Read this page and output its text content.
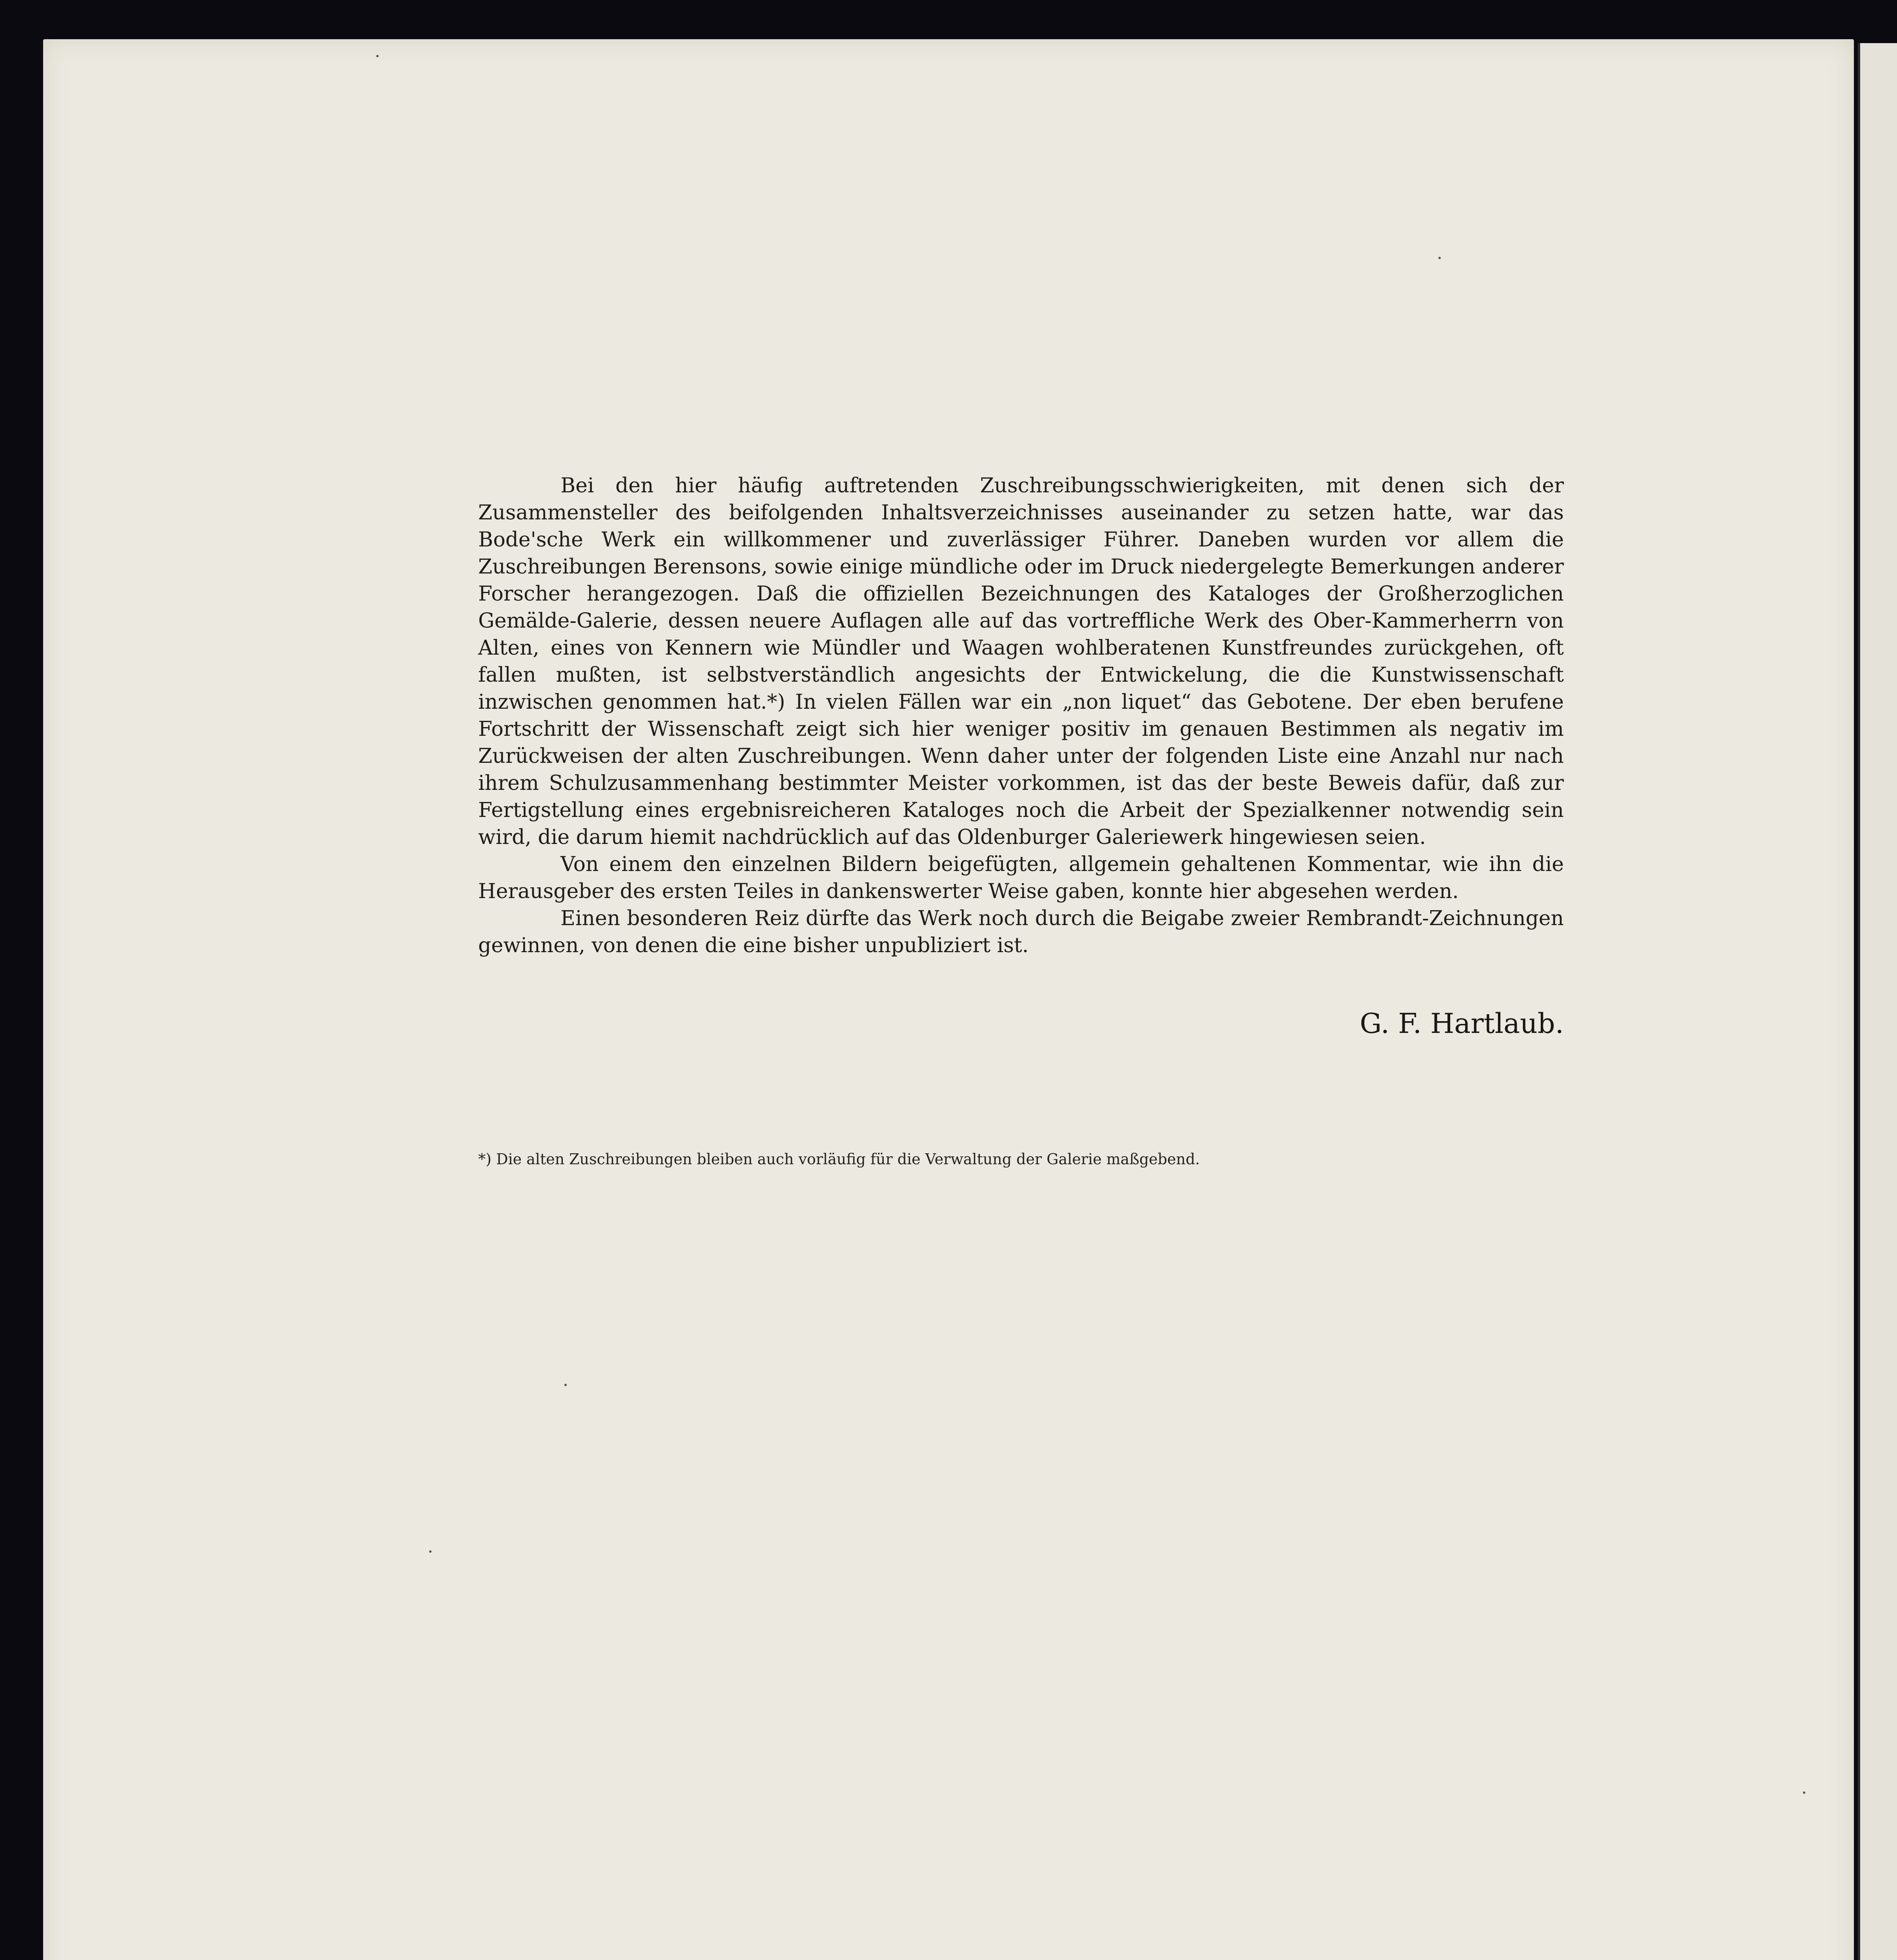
Bei den hier häufig auftretenden Zuschreibungsschwierigkeiten, mit denen sich der Zusammensteller des beifolgenden Inhaltsverzeichnisses auseinander zu setzen hatte, war das Bode'sche Werk ein willkommener und zuverlässiger Führer. Daneben wurden vor allem die Zuschreibungen Berensons, sowie einige mündliche oder im Druck niedergelegte Bemerkungen anderer Forscher herangezogen. Daß die offiziellen Bezeichnungen des Kataloges der Großherzoglichen Gemälde-Galerie, dessen neuere Auflagen alle auf das vortreffliche Werk des Ober-Kammerherrn von Alten, eines von Kennern wie Mündler und Waagen wohlberatenen Kunstfreundes zurückgehen, oft fallen mußten, ist selbstverständlich angesichts der Entwickelung, die die Kunstwissenschaft inzwischen genommen hat.*) In vielen Fällen war ein „non liquet“ das Gebotene. Der eben berufene Fortschritt der Wissenschaft zeigt sich hier weniger positiv im genauen Bestimmen als negativ im Zurückweisen der alten Zuschreibungen. Wenn daher unter der folgenden Liste eine Anzahl nur nach ihrem Schulzusammenhang bestimmter Meister vorkommen, ist das der beste Beweis dafür, daß zur Fertigstellung eines ergebnisreicheren Kataloges noch die Arbeit der Spezialkenner notwendig sein wird, die darum hiemit nachdrücklich auf das Oldenburger Galeriewerk hingewiesen seien.

Von einem den einzelnen Bildern beigefügten, allgemein gehaltenen Kommentar, wie ihn die Herausgeber des ersten Teiles in dankenswerter Weise gaben, konnte hier abgesehen werden.

Einen besonderen Reiz dürfte das Werk noch durch die Beigabe zweier Rembrandt-Zeichnungen gewinnen, von denen die eine bisher unpubliziert ist.

G. F. Hartlaub.
*) Die alten Zuschreibungen bleiben auch vorläufig für die Verwaltung der Galerie maßgebend.
